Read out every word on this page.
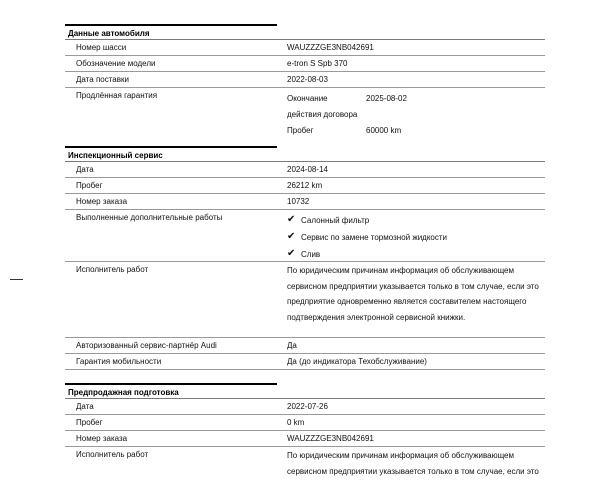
Данные автомобиля
Номер шасси	WAUZZZGE3NB042691
Обозначение модели	e-tron S Spb 370
Дата поставки	2022-08-03
Продлённая гарантия	Окончание	2025-08-02
действия договора
Пробег	60000 km
Инспекционный сервис
Дата	2024-08-14
Пробег	26212 km
Номер заказа	10732
Выполненные дополнительные работы	✔ Салонный фильтр
✔ Сервис по замене тормозной жидкости
✔ Слив
Исполнитель работ	По юридическим причинам информация об обслуживающем
сервисном предприятии указывается только в том случае, если это
предприятие одновременно является составителем настоящего
подтверждения электронной сервисной книжки.
Авторизованный сервис-партнёр Audi	Да
Гарантия мобильности	Да (до индикатора Техобслуживание)
Предпродажная подготовка
Дата	2022-07-26
Пробег	0 km
Номер заказа	WAUZZZGE3NB042691
Исполнитель работ	По юридическим причинам информация об обслуживающем
сервисном предприятии указывается только в том случае, если это
